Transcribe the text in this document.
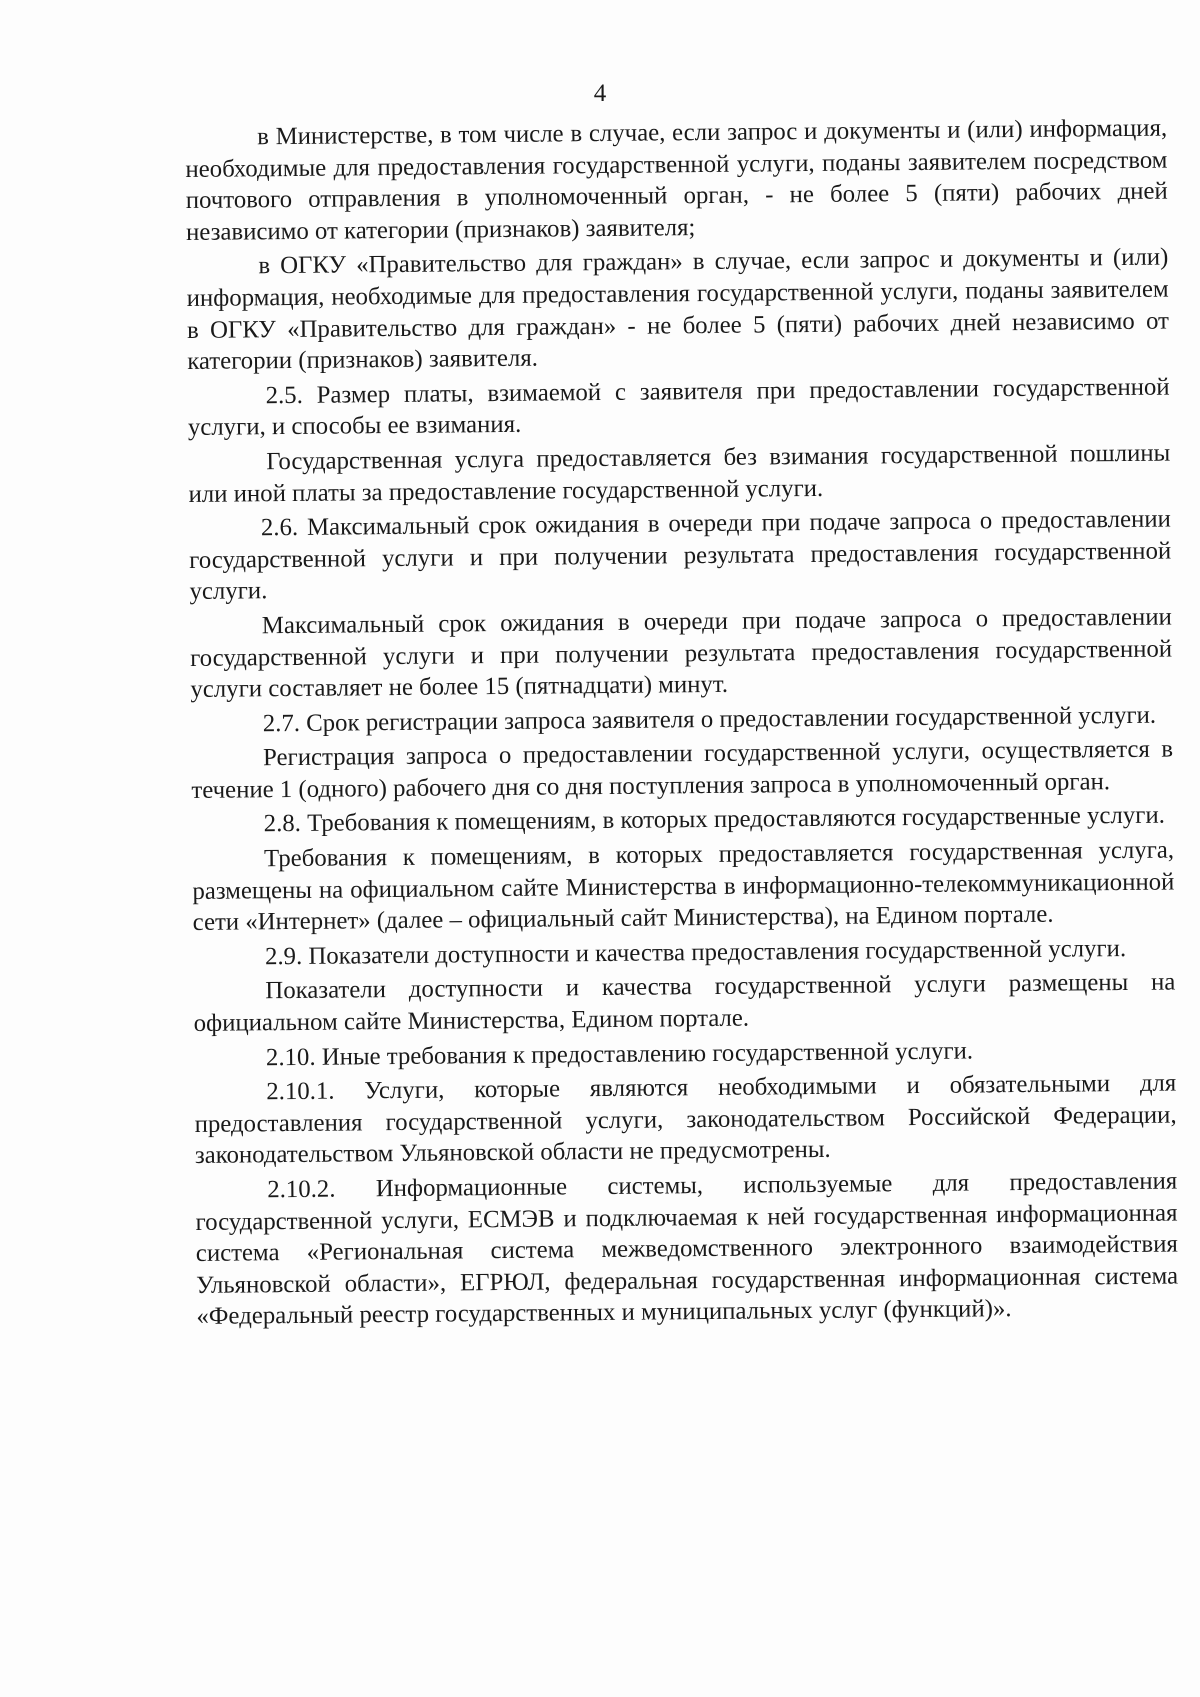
4

в Министерстве, в том числе в случае, если запрос и документы и (или) информация, необходимые для предоставления государственной услуги, поданы заявителем посредством почтового отправления в уполномоченный орган, - не более 5 (пяти) рабочих дней независимо от категории (признаков) заявителя;

в ОГКУ «Правительство для граждан» в случае, если запрос и документы и (или) информация, необходимые для предоставления государственной услуги, поданы заявителем в ОГКУ «Правительство для граждан» - не более 5 (пяти) рабочих дней независимо от категории (признаков) заявителя.

2.5. Размер платы, взимаемой с заявителя при предоставлении государственной услуги, и способы ее взимания.

Государственная услуга предоставляется без взимания государственной пошлины или иной платы за предоставление государственной услуги.

2.6. Максимальный срок ожидания в очереди при подаче запроса о предоставлении государственной услуги и при получении результата предоставления государственной услуги.

Максимальный срок ожидания в очереди при подаче запроса о предоставлении государственной услуги и при получении результата предоставления государственной услуги составляет не более 15 (пятнадцати) минут.

2.7. Срок регистрации запроса заявителя о предоставлении государственной услуги.

Регистрация запроса о предоставлении государственной услуги, осуществляется в течение 1 (одного) рабочего дня со дня поступления запроса в уполномоченный орган.

2.8. Требования к помещениям, в которых предоставляются государственные услуги.

Требования к помещениям, в которых предоставляется государственная услуга, размещены на официальном сайте Министерства в информационно-телекоммуникационной сети «Интернет» (далее – официальный сайт Министерства), на Едином портале.

2.9. Показатели доступности и качества предоставления государственной услуги.

Показатели доступности и качества государственной услуги размещены на официальном сайте Министерства, Едином портале.

2.10. Иные требования к предоставлению государственной услуги.

2.10.1. Услуги, которые являются необходимыми и обязательными для предоставления государственной услуги, законодательством Российской Федерации, законодательством Ульяновской области не предусмотрены.

2.10.2. Информационные системы, используемые для предоставления государственной услуги, ЕСМЭВ и подключаемая к ней государственная информационная система «Региональная система межведомственного электронного взаимодействия Ульяновской области», ЕГРЮЛ, федеральная государственная информационная система «Федеральный реестр государственных и муниципальных услуг (функций)».
